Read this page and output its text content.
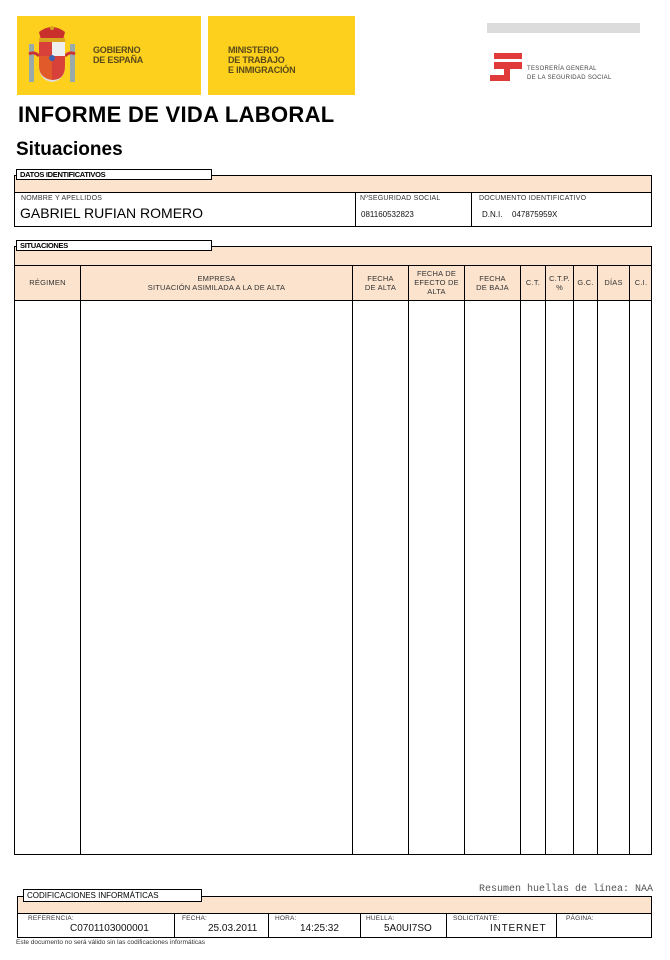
GOBIERNO
DE ESPAÑA
MINISTERIO
DE TRABAJO
E INMIGRACIÓN	TESORERÍA GENERAL
DE LA SEGURIDAD SOCIAL
INFORME DE VIDA LABORAL
Situaciones
NOMBRE Y APELLIDOS
GABRIEL RUFIAN ROMERO
NºSEGURIDAD SOCIAL
081160532823
DOCUMENTO IDENTIFICATIVO
D.N.I. 047875959X
DATOS IDENTIFICATIVOS
RÉGIMEN	EMPRESA
SITUACIÓN ASIMILADA A LA DE ALTA
FECHA
DE ALTA
FECHA DE
EFECTO DE
ALTA
FECHA
DE BAJA C.T. C.T.P.
% G.C. DÍAS C.I.
SITUACIONES
Resumen huellas de línea: NAA
REFERENCIA:
C0701103000001
FECHA:
25.03.2011
HORA:
14:25:32
HUELLA:
5A0UI7SO
SOLICITANTE:
INTERNET
PÁGINA:
CODIFICACIONES INFORMÁTICAS
Este documento no será válido sin las codificaciones informáticas
